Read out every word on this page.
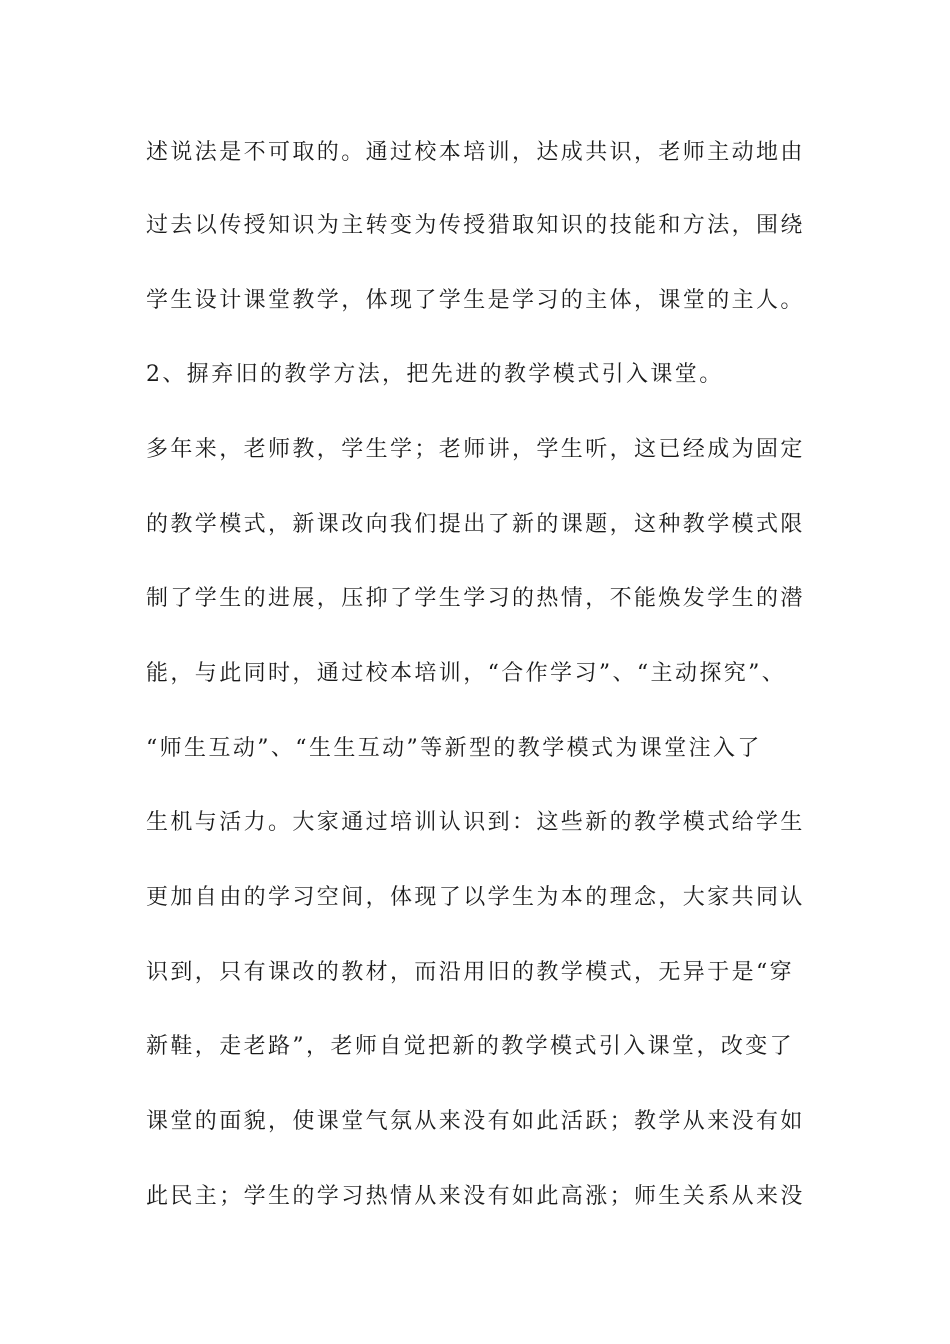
述说法是不可取的。通过校本培训，达成共识，老师主动地由
过去以传授知识为主转变为传授猎取知识的技能和方法，围绕
学生设计课堂教学，体现了学生是学习的主体，课堂的主人。
2、摒弃旧的教学方法，把先进的教学模式引入课堂。
多年来，老师教，学生学；老师讲，学生听，这已经成为固定
的教学模式，新课改向我们提出了新的课题，这种教学模式限
制了学生的进展，压抑了学生学习的热情，不能焕发学生的潜
能，与此同时，通过校本培训，“合作学习”、“主动探究”、
“师生互动”、“生生互动”等新型的教学模式为课堂注入了
生机与活力。大家通过培训认识到：这些新的教学模式给学生
更加自由的学习空间，体现了以学生为本的理念，大家共同认
识到，只有课改的教材，而沿用旧的教学模式，无异于是“穿
新鞋，走老路”，老师自觉把新的教学模式引入课堂，改变了
课堂的面貌，使课堂气氛从来没有如此活跃；教学从来没有如
此民主；学生的学习热情从来没有如此高涨；师生关系从来没
